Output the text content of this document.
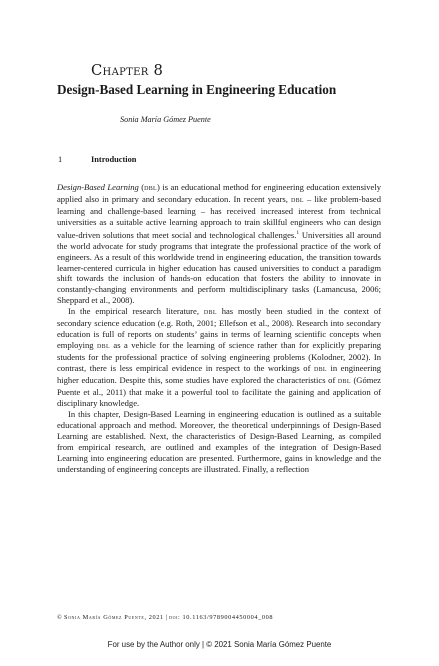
Chapter 8
Design-Based Learning in Engineering Education
Sonia María Gómez Puente
1	Introduction

Design-Based Learning (dbl) is an educational method for engineering education extensively applied also in primary and secondary education. In recent years, dbl – like problem-based learning and challenge-based learning – has received increased interest from technical universities as a suitable active learning approach to train skillful engineers who can design value-driven solutions that meet social and technological challenges.$^1$ Universities all around the world advocate for study programs that integrate the professional practice of the work of engineers. As a result of this worldwide trend in engineering education, the transition towards learner-centered curricula in higher education has caused universities to conduct a paradigm shift towards the inclusion of hands-on education that fosters the ability to innovate in constantly-changing environments and perform multidisciplinary tasks (Lamancusa, 2006; Sheppard et al., 2008).

In the empirical research literature, dbl has mostly been studied in the context of secondary science education (e.g. Roth, 2001; Ellefson et al., 2008). Research into secondary education is full of reports on students’ gains in terms of learning scientific concepts when employing dbl as a vehicle for the learning of science rather than for explicitly preparing students for the professional practice of solving engineering problems (Kolodner, 2002). In contrast, there is less empirical evidence in respect to the workings of dbl in engineering higher education. Despite this, some studies have explored the characteristics of dbl (Gómez Puente et al., 2011) that make it a powerful tool to facilitate the gaining and application of disciplinary knowledge.

In this chapter, Design-Based Learning in engineering education is outlined as a suitable educational approach and method. Moreover, the theoretical underpinnings of Design-Based Learning are established. Next, the characteristics of Design-Based Learning, as compiled from empirical research, are outlined and examples of the integration of Design-Based Learning into engineering education are presented. Furthermore, gains in knowledge and the understanding of engineering concepts are illustrated. Finally, a reflection

© Sonia María Gómez Puente, 2021 | doi: 10.1163/9789004450004_008
For use by the Author only | © 2021 Sonia María Gómez Puente
